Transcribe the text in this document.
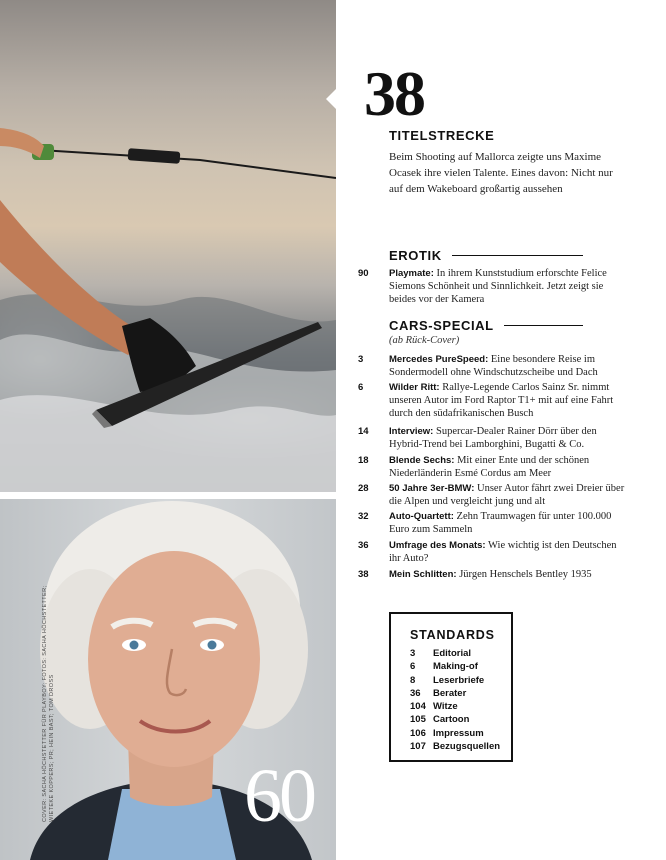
COVER: SACHA HÖCHSTETTER FÜR PLAYBOY; FOTOS: SACHA HÖCHSTETTER; WIETEKE KOPPERS; PR; HEIN BAST; TOM DROSS 60
38
TITELSTRECKE
Beim Shooting auf Mallorca zeigte uns Maxime Ocasek ihre vielen Talente. Eines davon: Nicht nur auf dem Wakeboard großartig aussehen
EROTIK
90 Playmate: In ihrem Kunststudium erforschte Felice Siemons Schönheit und Sinnlichkeit. Jetzt zeigt sie beides vor der Kamera
CARS-SPECIAL
(ab Rück-Cover)
3	Mercedes PureSpeed: Eine besondere Reise im Sondermodell ohne Windschutzscheibe und Dach
6	Wilder Ritt: Rallye-Legende Carlos Sainz Sr. nimmt unseren Autor im Ford Raptor T1+ mit auf eine Fahrt durch den südafrikanischen Busch
14 Interview: Supercar-Dealer Rainer Dörr über den Hybrid-Trend bei Lamborghini, Bugatti & Co.
18 Blende Sechs: Mit einer Ente und der schönen Niederländerin Esmé Cordus am Meer
28 50 Jahre 3er-BMW: Unser Autor fährt zwei Dreier über die Alpen und vergleicht jung und alt
32 Auto-Quartett: Zehn Traumwagen für unter 100.000 Euro zum Sammeln
36 Umfrage des Monats: Wie wichtig ist den Deutschen ihr Auto?
38 Mein Schlitten: Jürgen Henschels Bentley 1935
STANDARDS
3	Editorial
6	Making-of
8	Leserbriefe
36	Berater
104 Witze
105 Cartoon
106 Impressum
107 Bezugsquellen
